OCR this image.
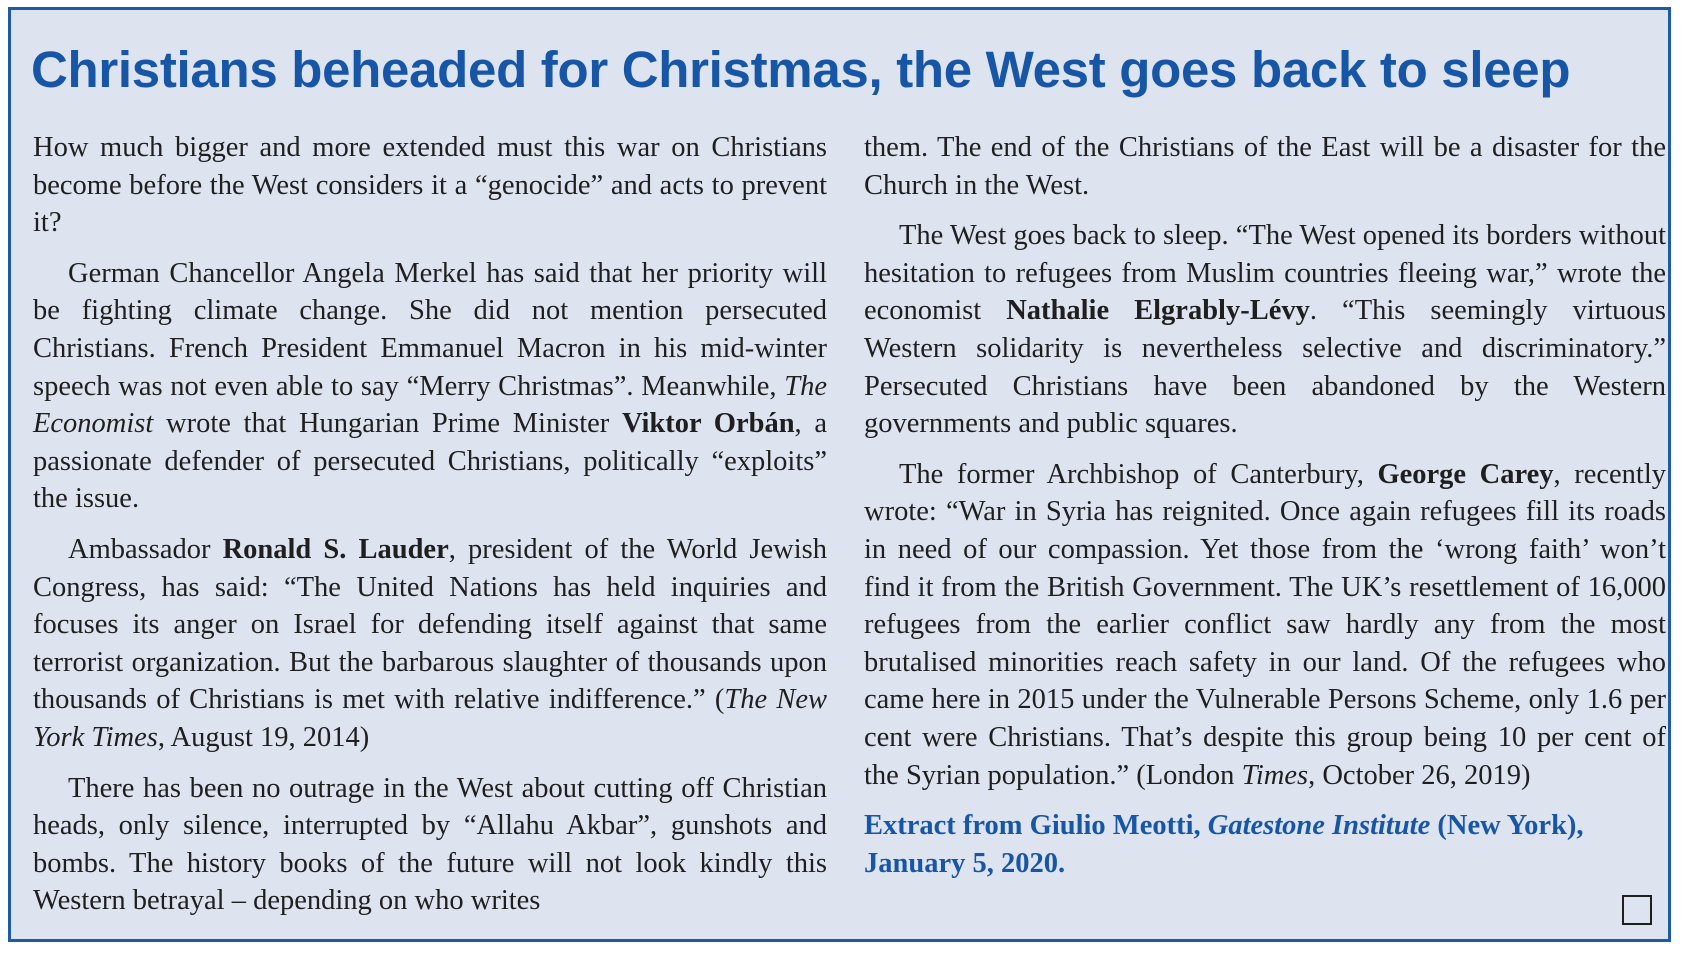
Christians beheaded for Christmas, the West goes back to sleep

How much bigger and more extended must this war on Christians become before the West considers it a “genocide” and acts to prevent it?

German Chancellor Angela Merkel has said that her priority will be fighting climate change. She did not mention persecuted Christians. French President Emmanuel Macron in his mid-winter speech was not even able to say “Merry Christmas”. Meanwhile, The Economist wrote that Hungarian Prime Minister Viktor Orbán, a passionate defender of persecuted Christians, politically “exploits” the issue.

Ambassador Ronald S. Lauder, president of the World Jewish Congress, has said: “The United Nations has held inquiries and focuses its anger on Israel for defending itself against that same terrorist organization. But the barbarous slaughter of thousands upon thousands of Christians is met with relative indifference.” (The New York Times, August 19, 2014)

There has been no outrage in the West about cutting off Christian heads, only silence, interrupted by “Allahu Akbar”, gunshots and bombs. The history books of the future will not look kindly this Western betrayal – depending on who writes

them. The end of the Christians of the East will be a disaster for the Church in the West.

The West goes back to sleep. “The West opened its borders without hesitation to refugees from Muslim countries fleeing war,” wrote the economist Nathalie Elgrably-Lévy. “This seemingly virtuous Western solidarity is nevertheless selective and discriminatory.” Persecuted Christians have been abandoned by the Western governments and public squares.

The former Archbishop of Canterbury, George Carey, recently wrote: “War in Syria has reignited. Once again refugees fill its roads in need of our compassion. Yet those from the ‘wrong faith’ won’t find it from the British Government. The UK’s resettlement of 16,000 refugees from the earlier conflict saw hardly any from the most brutalised minorities reach safety in our land. Of the refugees who came here in 2015 under the Vulnerable Persons Scheme, only 1.6 per cent were Christians. That’s despite this group being 10 per cent of the Syrian population.” (London Times, October 26, 2019)

Extract from Giulio Meotti, Gatestone Institute (New York), January 5, 2020.
